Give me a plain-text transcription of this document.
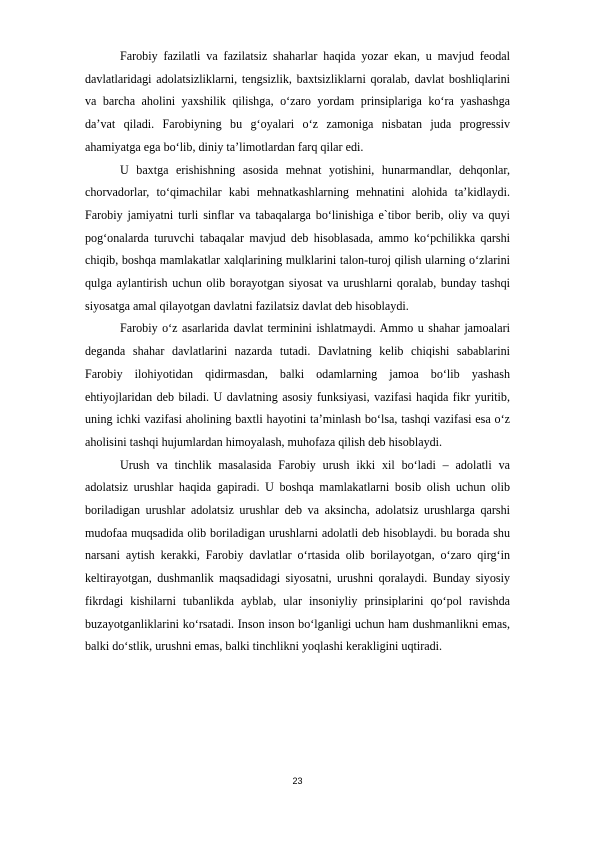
Farobiy fazilatli va fazilatsiz shaharlar haqida yozar ekan, u mavjud feodal davlatlaridagi adolatsizliklarni, tengsizlik, baxtsizliklarni qoralab, davlat boshliqlarini va barcha aholini yaxshilik qilishga, o‘zaro yordam prinsiplariga ko‘ra yashashga da’vat qiladi. Farobiyning bu g‘oyalari o‘z zamoniga nisbatan juda progressiv ahamiyatga ega bo‘lib, diniy ta’limotlardan farq qilar edi.

U baxtga erishishning asosida mehnat yotishini, hunarmandlar, dehqonlar, chorvadorlar, to‘qimachilar kabi mehnatkashlarning mehnatini alohida ta’kidlaydi. Farobiy jamiyatni turli sinflar va tabaqalarga bo‘linishiga e`tibor berib, oliy va quyi pog‘onalarda turuvchi tabaqalar mavjud deb hisoblasada, ammo ko‘pchilikka qarshi chiqib, boshqa mamlakatlar xalqlarining mulklarini talon-turoj qilish ularning o‘zlarini qulga aylantirish uchun olib borayotgan siyosat va urushlarni qoralab, bunday tashqi siyosatga amal qilayotgan davlatni fazilatsiz davlat deb hisoblaydi.

Farobiy o‘z asarlarida davlat terminini ishlatmaydi. Ammo u shahar jamoalari deganda shahar davlatlarini nazarda tutadi. Davlatning kelib chiqishi sabablarini Farobiy ilohiyotidan qidirmasdan, balki odamlarning jamoa bo‘lib yashash ehtiyojlaridan deb biladi. U davlatning asosiy funksiyasi, vazifasi haqida fikr yuritib, uning ichki vazifasi aholining baxtli hayotini ta’minlash bo‘lsa, tashqi vazifasi esa o‘z aholisini tashqi hujumlardan himoyalash, muhofaza qilish deb hisoblaydi.

Urush va tinchlik masalasida Farobiy urush ikki xil bo‘ladi – adolatli va adolatsiz urushlar haqida gapiradi. U boshqa mamlakatlarni bosib olish uchun olib boriladigan urushlar adolatsiz urushlar deb va aksincha, adolatsiz urushlarga qarshi mudofaa muqsadida olib boriladigan urushlarni adolatli deb hisoblaydi. bu borada shu narsani aytish kerakki, Farobiy davlatlar o‘rtasida olib borilayotgan, o‘zaro qirg‘in keltirayotgan, dushmanlik maqsadidagi siyosatni, urushni qoralaydi. Bunday siyosiy fikrdagi kishilarni tubanlikda ayblab, ular insoniyliy prinsiplarini qo‘pol ravishda buzayotganliklarini ko‘rsatadi. Inson inson bo‘lganligi uchun ham dushmanlikni emas, balki do‘stlik, urushni emas, balki tinchlikni yoqlashi kerakligini uqtiradi.

23
